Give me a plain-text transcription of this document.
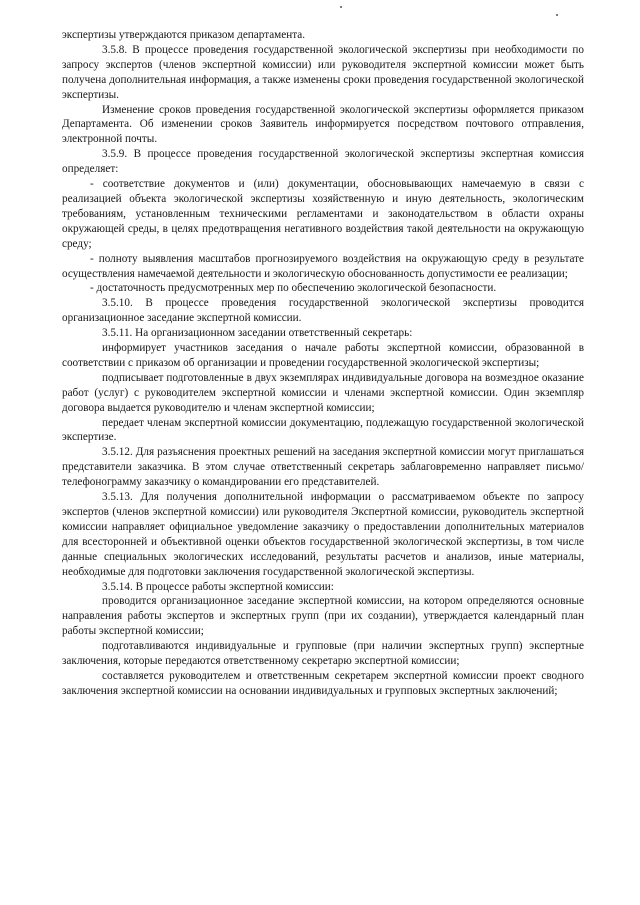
экспертизы утверждаются приказом департамента.

3.5.8. В процессе проведения государственной экологической экспертизы при необходимости по запросу экспертов (членов экспертной комиссии) или руководителя экспертной комиссии может быть получена дополнительная информация, а также изменены сроки проведения государственной экологической экспертизы.

Изменение сроков проведения государственной экологической экспертизы оформляется приказом Департамента. Об изменении сроков Заявитель информируется посредством почтового отправления, электронной почты.

3.5.9. В процессе проведения государственной экологической экспертизы экспертная комиссия определяет:

- соответствие документов и (или) документации, обосновывающих намечаемую в связи с реализацией объекта экологической экспертизы хозяйственную и иную деятельность, экологическим требованиям, установленным техническими регламентами и законодательством в области охраны окружающей среды, в целях предотвращения негативного воздействия такой деятельности на окружающую среду;

- полноту выявления масштабов прогнозируемого воздействия на окружающую среду в результате осуществления намечаемой деятельности и экологическую обоснованность допустимости ее реализации;

- достаточность предусмотренных мер по обеспечению экологической безопасности.

3.5.10. В процессе проведения государственной экологической экспертизы проводится организационное заседание экспертной комиссии.

3.5.11. На организационном заседании ответственный секретарь:

информирует участников заседания о начале работы экспертной комиссии, образованной в соответствии с приказом об организации и проведении государственной экологической экспертизы;

подписывает подготовленные в двух экземплярах индивидуальные договора на возмездное оказание работ (услуг) с руководителем экспертной комиссии и членами экспертной комиссии. Один экземпляр договора выдается руководителю и членам экспертной комиссии;

передает членам экспертной комиссии документацию, подлежащую государственной экологической экспертизе.

3.5.12. Для разъяснения проектных решений на заседания экспертной комиссии могут приглашаться представители заказчика. В этом случае ответственный секретарь заблаговременно направляет письмо/телефонограмму заказчику о командировании его представителей.

3.5.13. Для получения дополнительной информации о рассматриваемом объекте по запросу экспертов (членов экспертной комиссии) или руководителя Экспертной комиссии, руководитель экспертной комиссии направляет официальное уведомление заказчику о предоставлении дополнительных материалов для всесторонней и объективной оценки объектов государственной экологической экспертизы, в том числе данные специальных экологических исследований, результаты расчетов и анализов, иные материалы, необходимые для подготовки заключения государственной экологической экспертизы.

3.5.14. В процессе работы экспертной комиссии:

проводится организационное заседание экспертной комиссии, на котором определяются основные направления работы экспертов и экспертных групп (при их создании), утверждается календарный план работы экспертной комиссии;

подготавливаются индивидуальные и групповые (при наличии экспертных групп) экспертные заключения, которые передаются ответственному секретарю экспертной комиссии;

составляется руководителем и ответственным секретарем экспертной комиссии проект сводного заключения экспертной комиссии на основании индивидуальных и групповых экспертных заключений;
